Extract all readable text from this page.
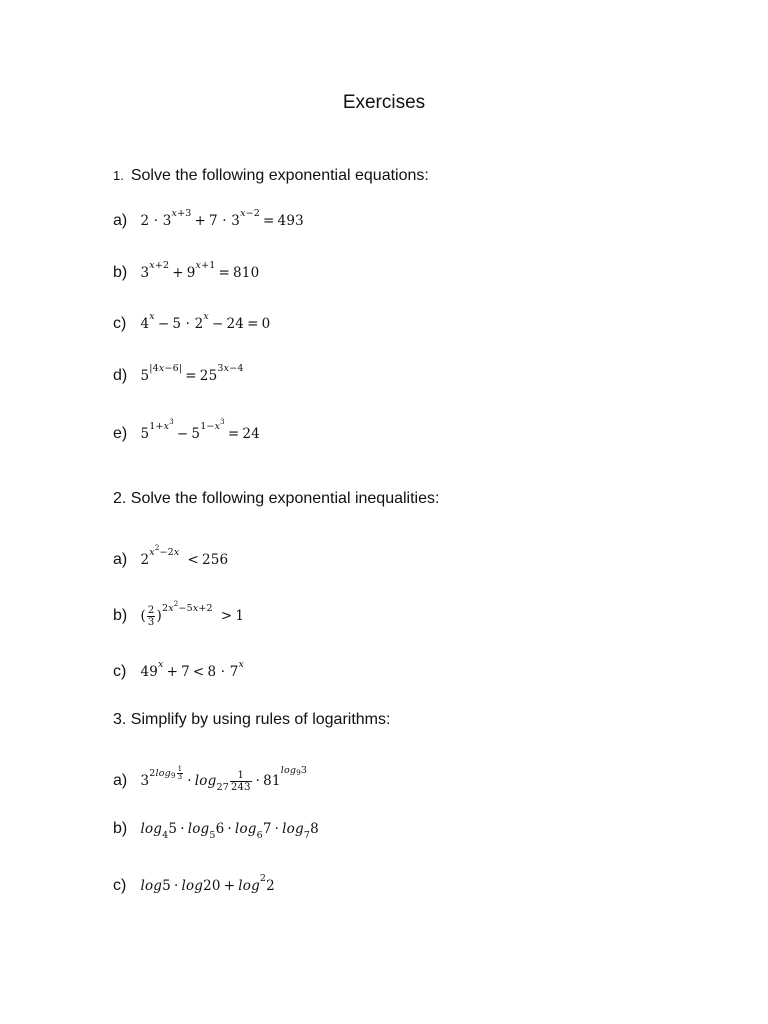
Exercises
1. Solve the following exponential equations:
a) $2 \cdot 3^{x+3} + 7 \cdot 3^{x-2} = 493$
b) $3^{x+2} + 9^{x+1} = 810$
c) $4^x - 5 \cdot 2^x - 24 = 0$
d) $5^{|4x-6|} = 25^{3x-4}$
e) $5^{1+x^3}- 5^{1-x^3}= 24$
2. Solve the following exponential inequalities:
a) $2^{x^2-2x} < 256$
b) ( $\frac{2}{3} )^{2x^2-5x+2} > 1$
c) $49^x + 7 < 8 \cdot 7^x$
3. Simplify by using rules of logarithms:
a) $3^{2log_9 \frac{1}{3}} \cdot \log_{27} \frac{1}{243} \cdot 81^{log_93}$
b) $\log_45 \cdot \log_56 \cdot \log_67 \cdot \log_78$
c) $\log 5 \cdot \log 20 + \log^22$
